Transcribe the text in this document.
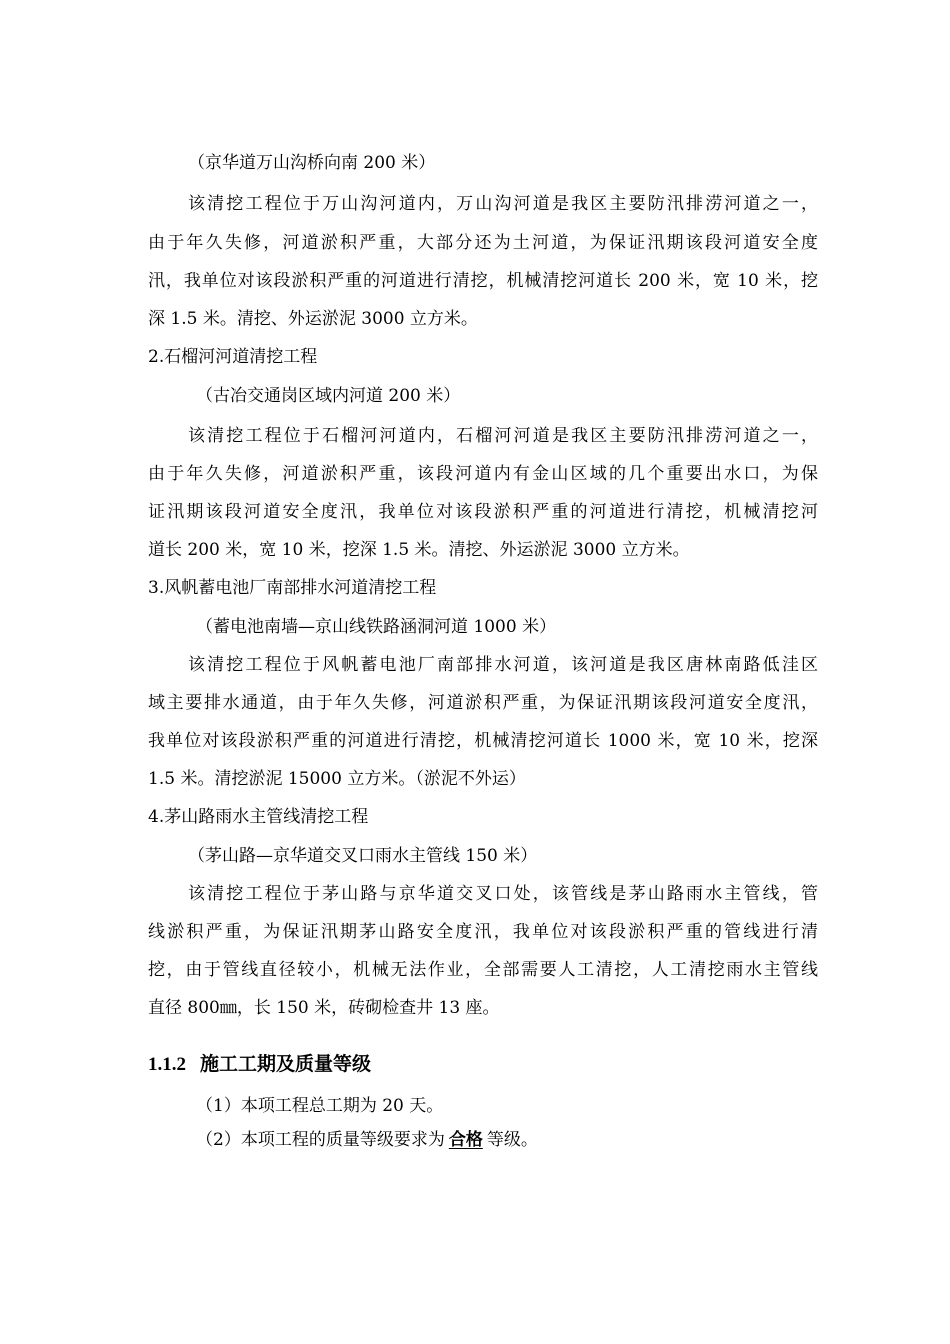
（京华道万山沟桥向南 200 米）
该清挖工程位于万山沟河道内，万山沟河道是我区主要防汛排涝河道之一，
由于年久失修，河道淤积严重，大部分还为土河道，为保证汛期该段河道安全度
汛，我单位对该段淤积严重的河道进行清挖，机械清挖河道长 200 米，宽 10 米，挖
深 1.5 米。清挖、外运淤泥 3000 立方米。
2.石榴河河道清挖工程
（古冶交通岗区域内河道 200 米）
该清挖工程位于石榴河河道内，石榴河河道是我区主要防汛排涝河道之一，
由于年久失修，河道淤积严重，该段河道内有金山区域的几个重要出水口，为保
证汛期该段河道安全度汛，我单位对该段淤积严重的河道进行清挖，机械清挖河
道长 200 米，宽 10 米，挖深 1.5 米。清挖、外运淤泥 3000 立方米。
3.风帆蓄电池厂南部排水河道清挖工程
（蓄电池南墙—京山线铁路涵洞河道 1000 米）
该清挖工程位于风帆蓄电池厂南部排水河道，该河道是我区唐林南路低洼区
域主要排水通道，由于年久失修，河道淤积严重，为保证汛期该段河道安全度汛，
我单位对该段淤积严重的河道进行清挖，机械清挖河道长 1000 米，宽 10 米，挖深
1.5 米。清挖淤泥 15000 立方米。（淤泥不外运）
4.茅山路雨水主管线清挖工程
（茅山路—京华道交叉口雨水主管线 150 米）
该清挖工程位于茅山路与京华道交叉口处，该管线是茅山路雨水主管线，管
线淤积严重，为保证汛期茅山路安全度汛，我单位对该段淤积严重的管线进行清
挖，由于管线直径较小，机械无法作业，全部需要人工清挖，人工清挖雨水主管线
直径 800㎜，长 150 米，砖砌检查井 13 座。
1.1.2 施工工期及质量等级
（1）本项工程总工期为 20 天。
（2）本项工程的质量等级要求为 合格 等级。
